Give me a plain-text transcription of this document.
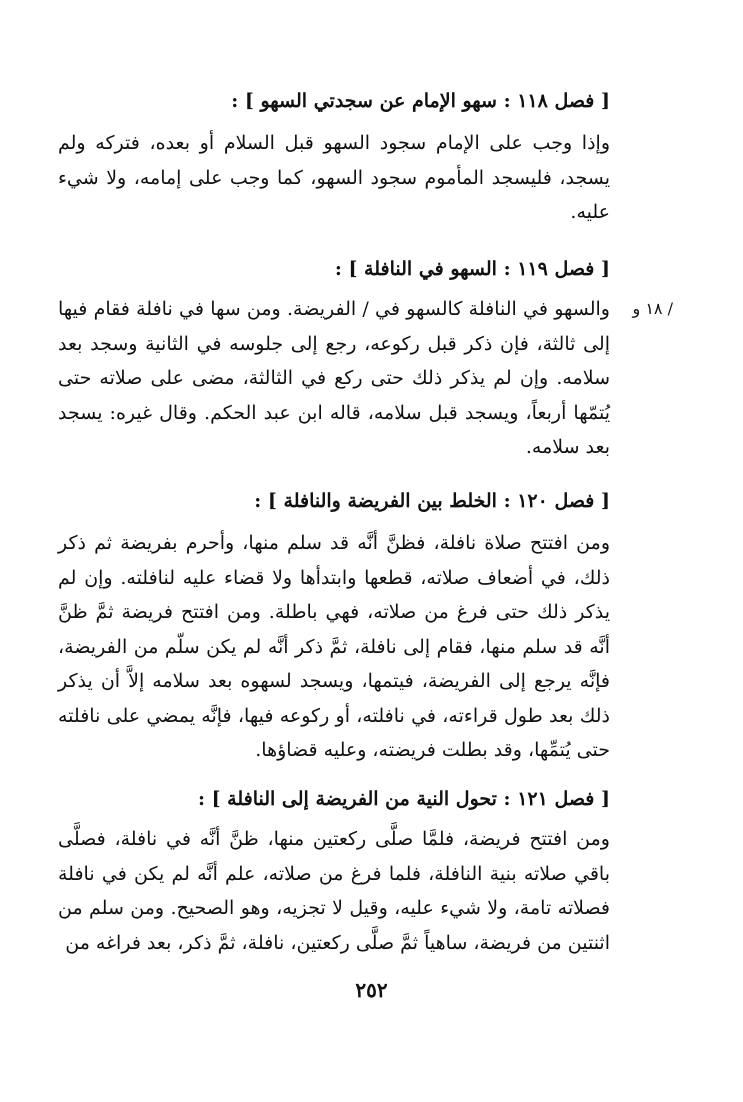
[ فصل ١١٨ : سهو الإمام عن سجدتي السهو ] :

وإذا وجب على الإمام سجود السهو قبل السلام أو بعده، فتركه ولم يسجد، فليسجد المأموم سجود السهو، كما وجب على إمامه، ولا شيء عليه.

[ فصل ١١٩ : السهو في النافلة ] :
/ ١٨ و

والسهو في النافلة كالسهو في / الفريضة. ومن سها في نافلة فقام فيها إلى ثالثة، فإن ذكر قبل ركوعه، رجع إلى جلوسه في الثانية وسجد بعد سلامه. وإن لم يذكر ذلك حتى ركع في الثالثة، مضى على صلاته حتى يُتمّها أربعاً، ويسجد قبل سلامه، قاله ابن عبد الحكم. وقال غيره: يسجد بعد سلامه.

[ فصل ١٢٠ : الخلط بين الفريضة والنافلة ] :

ومن افتتح صلاة نافلة، فظنَّ أنَّه قد سلم منها، وأحرم بفريضة ثم ذكر ذلك، في أضعاف صلاته، قطعها وابتدأها ولا قضاء عليه لنافلته. وإن لم يذكر ذلك حتى فرغ من صلاته، فهي باطلة. ومن افتتح فريضة ثمَّ ظنَّ أنَّه قد سلم منها، فقام إلى نافلة، ثمَّ ذكر أنَّه لم يكن سلّم من الفريضة، فإنَّه يرجع إلى الفريضة، فيتمها، ويسجد لسهوه بعد سلامه إلاَّ أن يذكر ذلك بعد طول قراءته، في نافلته، أو ركوعه فيها، فإنَّه يمضي على نافلته حتى يُتمِّها، وقد بطلت فريضته، وعليه قضاؤها.

[ فصل ١٢١ : تحول النية من الفريضة إلى النافلة ] :

ومن افتتح فريضة، فلمَّا صلَّى ركعتين منها، ظنَّ أنَّه في نافلة، فصلَّى باقي صلاته بنية النافلة، فلما فرغ من صلاته، علم أنَّه لم يكن في نافلة فصلاته تامة، ولا شيء عليه، وقيل لا تجزيه، وهو الصحيح. ومن سلم من اثنتين من فريضة، ساهياً ثمَّ صلَّى ركعتين، نافلة، ثمَّ ذكر، بعد فراغه من

٢٥٢
